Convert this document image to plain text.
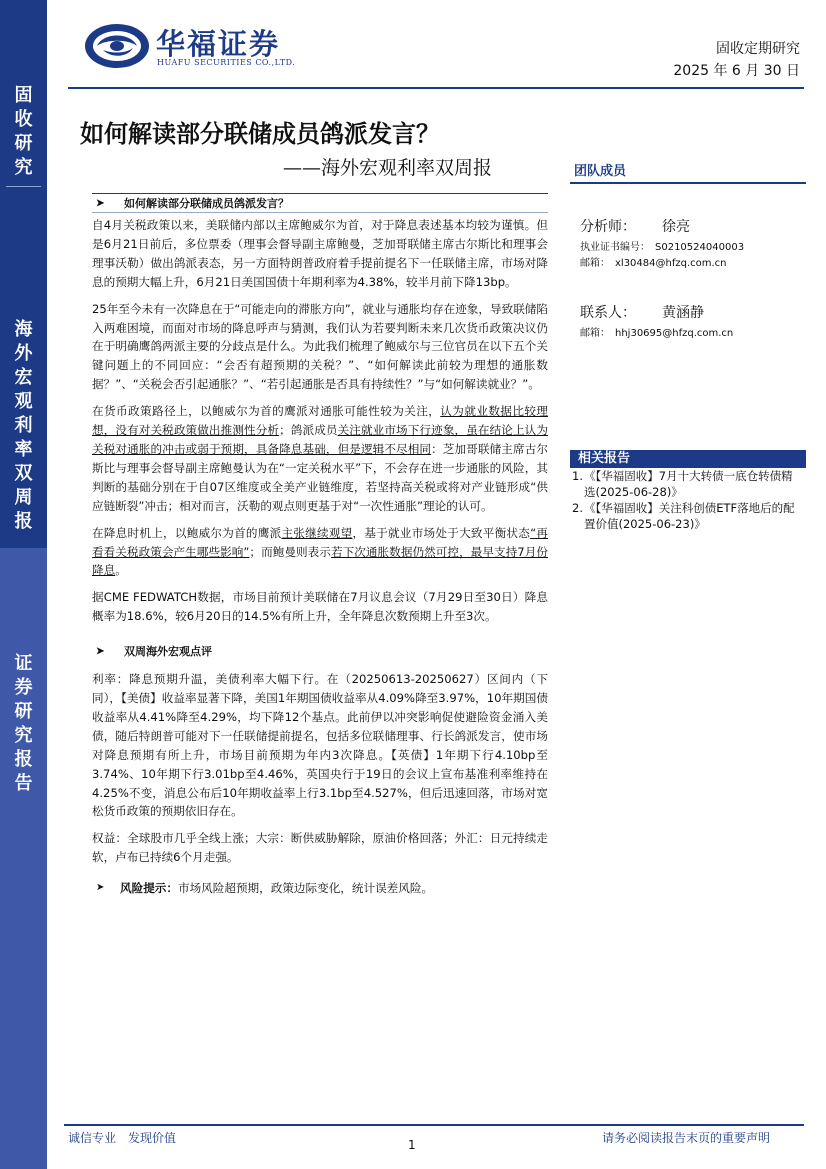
固
收
研
究
海
外
宏
观
利
率
双
周
报
证
券
研
究
报
告
华福证券
HUAFU SECURITIES CO.,LTD.
固收定期研究
2025 年 6 月 30 日
如何解读部分联储成员鸽派发言？
——海外宏观利率双周报
➤ 如何解读部分联储成员鸽派发言？

自4月关税政策以来，美联储内部以主席鲍威尔为首，对于降息表述基本均较为谨慎。但是6月21日前后，多位票委（理事会督导副主席鲍曼，芝加哥联储主席古尔斯比和理事会理事沃勒）做出鸽派表态，另一方面特朗普政府着手提前提名下一任联储主席，市场对降息的预期大幅上升，6月21日美国国债十年期利率为4.38%，较半月前下降13bp。

25年至今未有一次降息在于“可能走向的滞胀方向”，就业与通胀均存在迹象，导致联储陷入两难困境，而面对市场的降息呼声与猜测，我们认为若要判断未来几次货币政策决议仍在于明确鹰鸽两派主要的分歧点是什么。为此我们梳理了鲍威尔与三位官员在以下五个关键问题上的不同回应：“会否有超预期的关税？”、“如何解读此前较为理想的通胀数据？”、“关税会否引起通胀？”、“若引起通胀是否具有持续性？”与“如何解读就业？”。

在货币政策路径上，以鲍威尔为首的鹰派对通胀可能性较为关注，认为就业数据比较理想，没有对关税政策做出推测性分析；鸽派成员关注就业市场下行迹象，虽在结论上认为关税对通胀的冲击或弱于预期，具备降息基础，但是逻辑不尽相同：芝加哥联储主席古尔斯比与理事会督导副主席鲍曼认为在“一定关税水平”下，不会存在进一步通胀的风险，其判断的基础分别在于自07区维度或全美产业链维度，若坚持高关税或将对产业链形成“供应链断裂”冲击；相对而言，沃勒的观点则更基于对“一次性通胀”理论的认可。

在降息时机上，以鲍威尔为首的鹰派主张继续观望，基于就业市场处于大致平衡状态“再看看关税政策会产生哪些影响”；而鲍曼则表示若下次通胀数据仍然可控，最早支持7月份降息。

据CME FEDWATCH数据，市场目前预计美联储在7月议息会议（7月29日至30日）降息概率为18.6%，较6月20日的14.5%有所上升，全年降息次数预期上升至3次。

➤ 双周海外宏观点评

利率：降息预期升温，美债利率大幅下行。在（20250613-20250627）区间内（下同），【美债】收益率显著下降，美国1年期国债收益率从4.09%降至3.97%，10年期国债收益率从4.41%降至4.29%，均下降12个基点。此前伊以冲突影响促使避险资金涌入美债，随后特朗普可能对下一任联储提前提名，包括多位联储理事、行长鸽派发言，使市场对降息预期有所上升，市场目前预期为年内3次降息。【英债】1年期下行4.10bp至3.74%、10年期下行3.01bp至4.46%，英国央行于19日的会议上宣布基准利率维持在4.25%不变，消息公布后10年期收益率上行3.1bp至4.527%，但后迅速回落，市场对宽松货币政策的预期依旧存在。

权益：全球股市几乎全线上涨；大宗：断供威胁解除，原油价格回落；外汇：日元持续走软，卢布已持续6个月走强。

➤ 风险提示：市场风险超预期，政策边际变化，统计误差风险。

团队成员
分析师： 徐亮
执业证书编号：　S0210524040003
邮箱：　xl30484@hfzq.com.cn
联系人： 黄涵静
邮箱：　hhj30695@hfzq.com.cn
相关报告
1. 《【华福固收】7月十大转债一底仓转债精选(2025-06-28)》
2. 《【华福固收】关注科创债ETF落地后的配置价值(2025-06-23)》
诚信专业　发现价值	1	请务必阅读报告末页的重要声明
